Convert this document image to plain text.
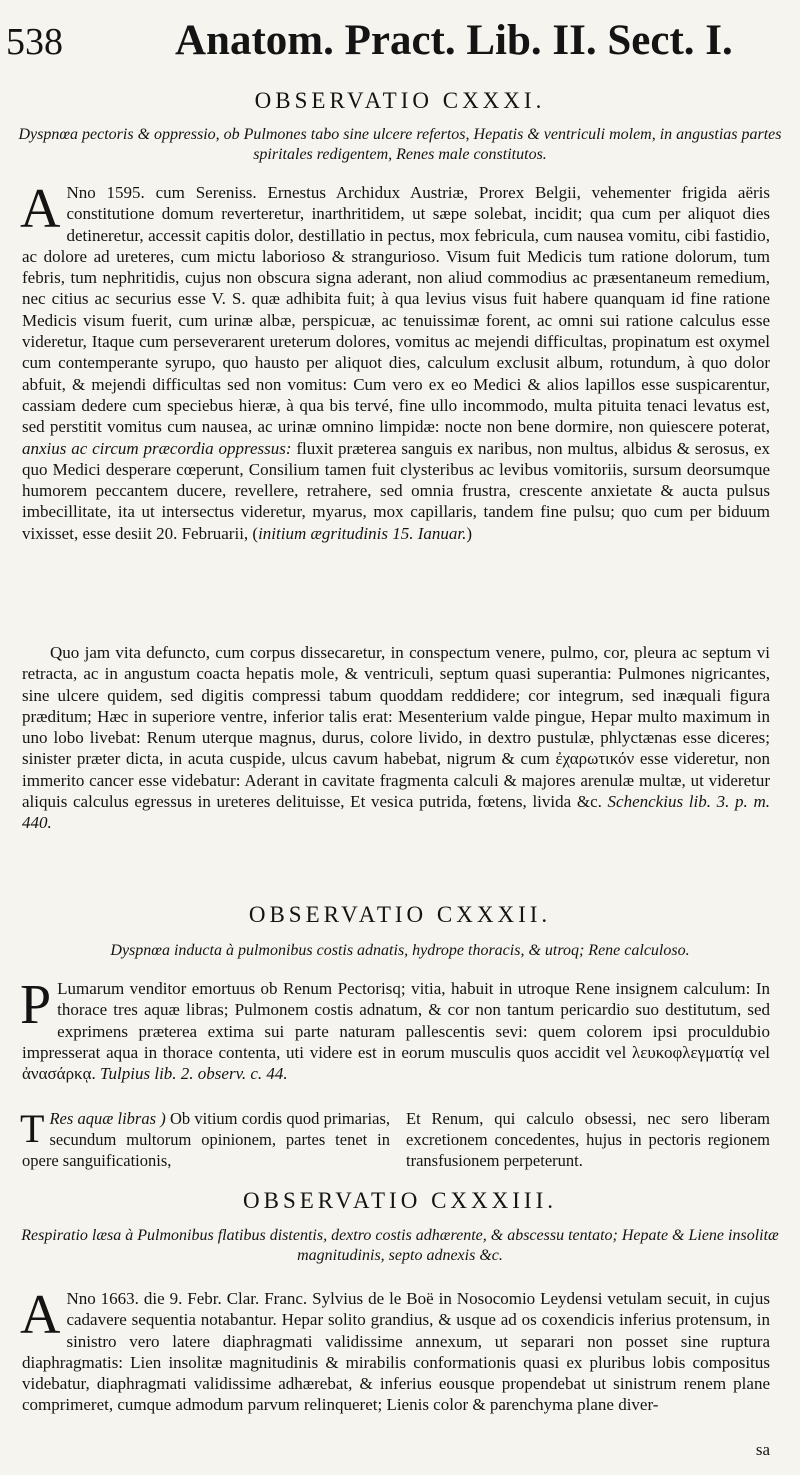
538	Anatom. Pract. Lib. II. Sect. I.
OBSERVATIO CXXXI.
Dyspnœa pectoris & oppressio, ob Pulmones tabo sine ulcere refertos, Hepatis & ventriculi molem, in angustias partes spiritales redigentem, Renes male constitutos.

A Nno 1595. cum Sereniss. Ernestus Archidux Austriæ, Prorex Belgii, vehementer frigida aëris constitutione domum reverteretur, inarthritidem, ut sæpe solebat, incidit; qua cum per aliquot dies detineretur, accessit capitis dolor, destillatio in pectus, mox febricula, cum nausea vomitu, cibi fastidio, ac dolore ad ureteres, cum mictu laborioso & strangurioso. Visum fuit Medicis tum ratione dolorum, tum febris, tum nephritidis, cujus non obscura signa aderant, non aliud commodius ac præsentaneum remedium, nec citius ac securius esse V. S. quæ adhibita fuit; à qua levius visus fuit habere quanquam id fine ratione Medicis visum fuerit, cum urinæ albæ, perspicuæ, ac tenuissimæ forent, ac omni sui ratione calculus esse videretur, Itaque cum perseverarent ureterum dolores, vomitus ac mejendi difficultas, propinatum est oxymel cum contemperante syrupo, quo hausto per aliquot dies, calculum exclusit album, rotundum, à quo dolor abfuit, & mejendi difficultas sed non vomitus: Cum vero ex eo Medici & alios lapillos esse suspicarentur, cassiam dedere cum speciebus hieræ, à qua bis tervé, fine ullo incommodo, multa pituita tenaci levatus est, sed perstitit vomitus cum nausea, ac urinæ omnino limpidæ: nocte non bene dormire, non quiescere poterat, anxius ac circum præcordia oppressus: fluxit præterea sanguis ex naribus, non multus, albidus & serosus, ex quo Medici desperare cœperunt, Consilium tamen fuit clysteribus ac levibus vomitoriis, sursum deorsumque humorem peccantem ducere, revellere, retrahere, sed omnia frustra, crescente anxietate & aucta pulsus imbecillitate, ita ut intersectus videretur, myarus, mox capillaris, tandem fine pulsu; quo cum per biduum vixisset, esse desiit 20. Februarii, (initium ægritudinis 15. Ianuar.)

Quo jam vita defuncto, cum corpus dissecaretur, in conspectum venere, pulmo, cor, pleura ac septum vi retracta, ac in angustum coacta hepatis mole, & ventriculi, septum quasi superantia: Pulmones nigricantes, sine ulcere quidem, sed digitis compressi tabum quoddam reddidere; cor integrum, sed inæquali figura præditum; Hæc in superiore ventre, inferior talis erat: Mesenterium valde pingue, Hepar multo maximum in uno lobo livebat: Renum uterque magnus, durus, colore livido, in dextro pustulæ, phlyctænas esse diceres; sinister præter dicta, in acuta cuspide, ulcus cavum habebat, nigrum & cum ἐχαρωτικόν esse videretur, non immerito cancer esse videbatur: Aderant in cavitate fragmenta calculi & majores arenulæ multæ, ut videretur aliquis calculus egressus in ureteres delituisse, Et vesica putrida, fœtens, livida &c. Schenckius lib. 3. p. m. 440.

OBSERVATIO CXXXII.
Dyspnœa inducta à pulmonibus costis adnatis, hydrope thoracis, & utroq; Rene calculoso.

P Lumarum venditor emortuus ob Renum Pectorisq; vitia, habuit in utroque Rene insignem calculum: In thorace tres aquæ libras; Pulmonem costis adnatum, & cor non tantum pericardio suo destitutum, sed exprimens præterea extima sui parte naturam pallescentis sevi: quem colorem ipsi proculdubio impresserat aqua in thorace contenta, uti videre est in eorum musculis quos accidit vel λευκοφλεγματίᾳ vel ἀνασάρκᾳ. Tulpius lib. 2. observ. c. 44.

T Res aquæ libras ) Ob vitium cordis quod primarias, secundum multorum opinionem, partes tenet in opere sanguificationis,

Et Renum, qui calculo obsessi, nec sero liberam excretionem concedentes, hujus in pectoris regionem transfusionem perpeterunt.

OBSERVATIO CXXXIII.
Respiratio læsa à Pulmonibus flatibus distentis, dextro costis adhærente, & abscessu tentato; Hepate & Liene insolitæ magnitudinis, septo adnexis &c.

A Nno 1663. die 9. Febr. Clar. Franc. Sylvius de le Boë in Nosocomio Leydensi vetulam secuit, in cujus cadavere sequentia notabantur. Hepar solito grandius, & usque ad os coxendicis inferius protensum, in sinistro vero latere diaphragmati validissime annexum, ut separari non posset sine ruptura diaphragmatis: Lien insolitæ magnitudinis & mirabilis conformationis quasi ex pluribus lobis compositus videbatur, diaphragmati validissime adhærebat, & inferius eousque propendebat ut sinistrum renem plane comprimeret, cumque admodum parvum relinqueret; Lienis color & parenchyma plane diver-

sa
